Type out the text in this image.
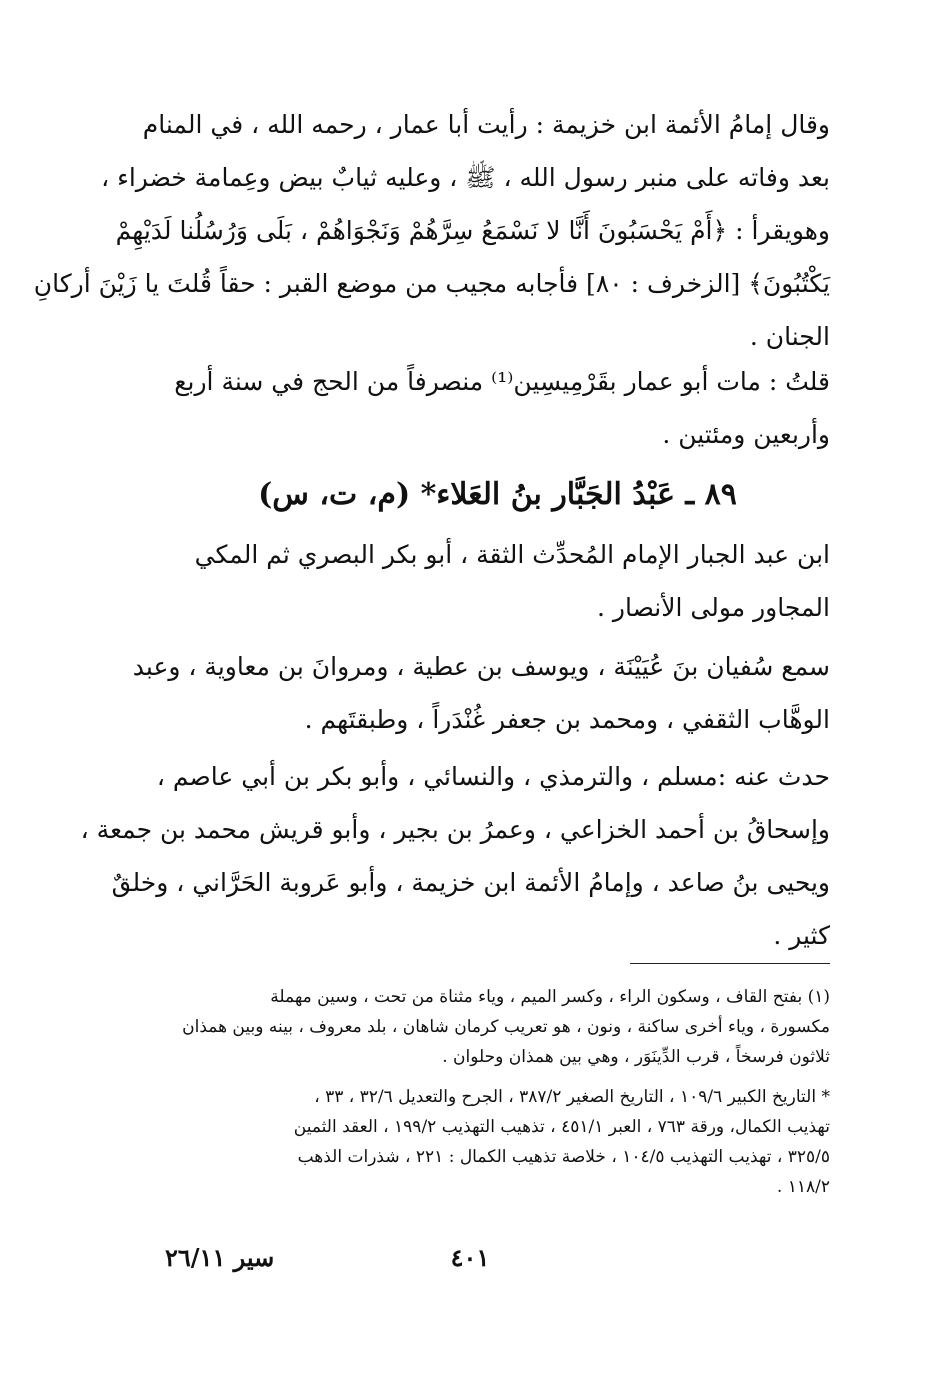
وقال إمامُ الأئمة ابن خزيمة : رأيت أبا عمار ، رحمه الله ، في المنام
بعد وفاته على منبر رسول الله ، ﷺ ، وعليه ثيابٌ بيض وعِمامة خضراء ،
وهويقرأ : ﴿أَمْ يَحْسَبُونَ أَنَّا لا نَسْمَعُ سِرَّهُمْ وَنَجْوَاهُمْ ، بَلَى وَرُسُلُنا لَدَيْهِمْ
يَكْتُبُونَ﴾ [الزخرف : ٨٠] فأجابه مجيب من موضع القبر : حقاً قُلتَ يا زَيْنَ أركانِ
الجنان .
قلتُ : مات أبو عمار بقَرْمِيسِين⁽¹⁾ منصرفاً من الحج في سنة أربع
وأربعين ومئتين .
٨٩ ـ عَبْدُ الجَبَّار بنُ العَلاء* (م، ت، س)
ابن عبد الجبار الإمام المُحدِّث الثقة ، أبو بكر البصري ثم المكي
المجاور مولى الأنصار .
سمع سُفيان بنَ عُيَيْنَة ، ويوسف بن عطية ، ومروانَ بن معاوية ، وعبد
الوهَّاب الثقفي ، ومحمد بن جعفر غُنْدَراً ، وطبقتَهم .
حدث عنه :مسلم ، والترمذي ، والنسائي ، وأبو بكر بن أبي عاصم ،
وإسحاقُ بن أحمد الخزاعي ، وعمرُ بن بجير ، وأبو قريش محمد بن جمعة ،
ويحيى بنُ صاعد ، وإمامُ الأئمة ابن خزيمة ، وأبو عَروبة الحَرَّاني ، وخلقٌ
كثير .
(١) بفتح القاف ، وسكون الراء ، وكسر الميم ، وياء مثناة من تحت ، وسين مهملة
مكسورة ، وياء أخرى ساكنة ، ونون ، هو تعريب كرمان شاهان ، بلد معروف ، بينه وبين همذان
ثلاثون فرسخاً ، قرب الدِّينَوَر ، وهي بين همذان وحلوان .
* التاريخ الكبير ١٠٩/٦ ، التاريخ الصغير ٣٨٧/٢ ، الجرح والتعديل ٣٢/٦ ، ٣٣ ،
تهذيب الكمال، ورقة ٧٦٣ ، العبر ٤٥١/١ ، تذهيب التهذيب ١٩٩/٢ ، العقد الثمين
٣٢٥/٥ ، تهذيب التهذيب ١٠٤/٥ ، خلاصة تذهيب الكمال : ٢٢١ ، شذرات الذهب
١١٨/٢ .
٤٠١
سير ٢٦/١١
